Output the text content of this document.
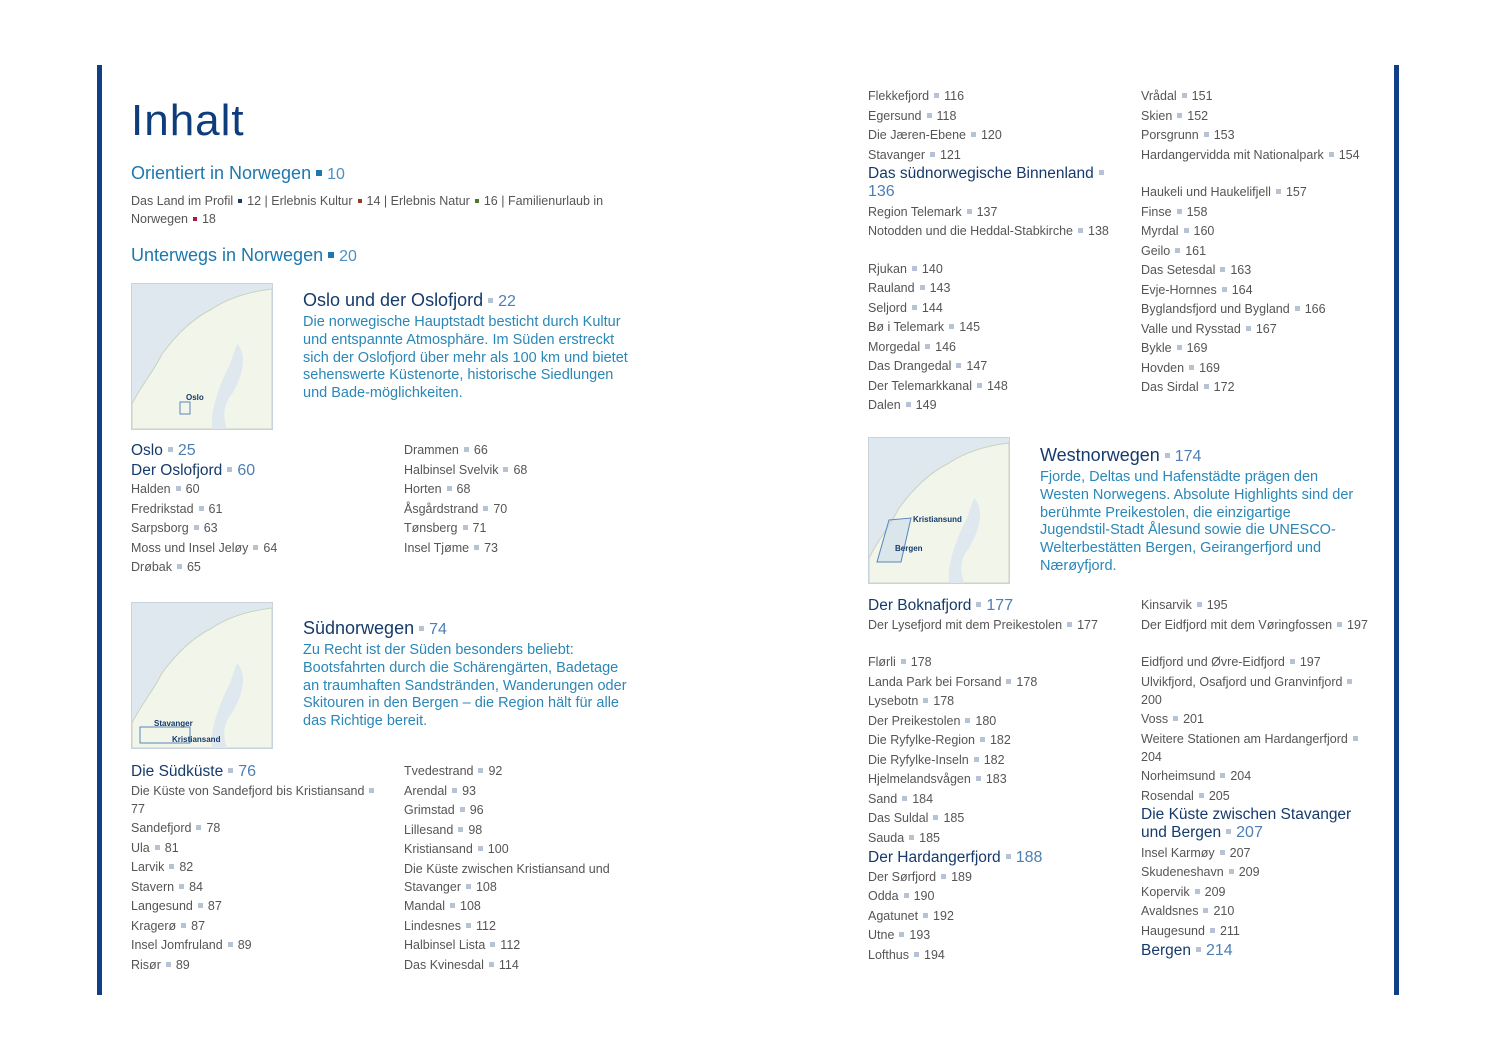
Inhalt
Orientiert in Norwegen 10
Das Land im Profil 12 | Erlebnis Kultur 14 | Erlebnis Natur 16 | Familienurlaub in Norwegen 18
Unterwegs in Norwegen 20
Oslo
Oslo und der Oslofjord 22
Die norwegische Hauptstadt besticht durch Kultur und entspannte Atmosphäre. Im Süden erstreckt sich der Oslofjord über mehr als 100 km und bietet sehenswerte Küstenorte, historische Siedlungen und Bade-möglichkeiten.
Oslo 25
Der Oslofjord 60
Halden 60
Fredrikstad 61
Sarpsborg 63
Moss und Insel Jeløy 64
Drøbak 65
Drammen 66
Halbinsel Svelvik 68
Horten 68
Åsgårdstrand 70
Tønsberg 71
Insel Tjøme 73
Stavanger
Kristiansand
Südnorwegen 74
Zu Recht ist der Süden besonders beliebt: Bootsfahrten durch die Schärengärten, Badetage an traumhaften Sandstränden, Wanderungen oder Skitouren in den Bergen – die Region hält für alle das Richtige bereit.
Die Südküste 76
Die Küste von Sandefjord bis Kristiansand77
Sandefjord 78
Ula 81
Larvik 82
Stavern 84
Langesund 87
Kragerø 87
Insel Jomfruland 89
Risør 89
Tvedestrand 92
Arendal 93
Grimstad 96
Lillesand 98
Kristiansand 100
Die Küste zwischen Kristiansand und Stavanger 108
Mandal 108
Lindesnes 112
Halbinsel Lista 112
Das Kvinesdal 114
Flekkefjord 116
Egersund 118
Die Jæren-Ebene 120
Stavanger 121
Das südnorwegische Binnenland136
Region Telemark 137
Notodden und die Heddal-Stabkirche 138
Rjukan 140
Rauland 143
Seljord 144
Bø i Telemark 145
Morgedal 146
Das Drangedal 147
Der Telemarkkanal 148
Dalen 149
Vrådal 151
Skien 152
Porsgrunn 153
Hardangervidda mit Nationalpark 154
Haukeli und Haukelifjell 157
Finse 158
Myrdal 160
Geilo 161
Das Setesdal 163
Evje-Hornnes 164
Byglandsfjord und Bygland 166
Valle und Rysstad 167
Bykle 169
Hovden 169
Das Sirdal 172
Kristiansund
Bergen
Westnorwegen 174
Fjorde, Deltas und Hafenstädte prägen den Westen Norwegens. Absolute Highlights sind der berühmte Preikestolen, die einzigartige Jugendstil-Stadt Ålesund sowie die UNESCO-Welterbestätten Bergen, Geirangerfjord und Nærøyfjord.
Der Boknafjord 177
Der Lysefjord mit dem Preikestolen 177
Flørli 178
Landa Park bei Forsand 178
Lysebotn 178
Der Preikestolen 180
Die Ryfylke-Region 182
Die Ryfylke-Inseln 182
Hjelmelandsvågen 183
Sand 184
Das Suldal 185
Sauda 185
Der Hardangerfjord 188
Der Sørfjord 189
Odda 190
Agatunet 192
Utne 193
Lofthus 194
Kinsarvik 195
Der Eidfjord mit dem Vøringfossen 197
Eidfjord und Øvre-Eidfjord 197
Ulvikfjord, Osafjord und Granvinfjord200
Voss 201
Weitere Stationen am Hardangerfjord204
Norheimsund 204
Rosendal 205
Die Küste zwischen Stavanger und Bergen 207
Insel Karmøy 207
Skudeneshavn 209
Kopervik 209
Avaldsnes 210
Haugesund 211
Bergen 214
